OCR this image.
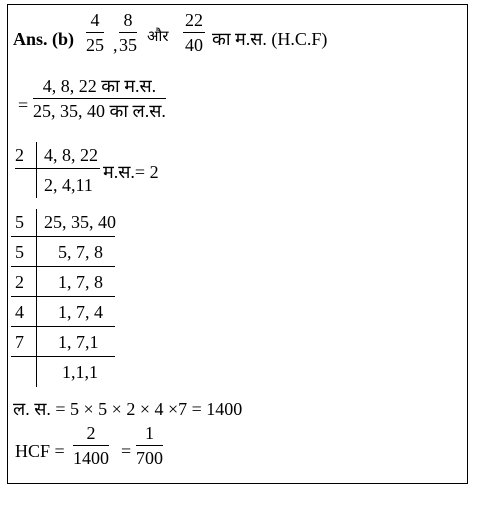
Ans. $(b) \frac{4}{25}$ , $\frac{8}{35}$ और $\frac{22}{40}$ का म.स. (H.C.F)
=
4, 8, 22 का म.स.
25, 35, 40 का ल.स.
2 4, 8, 22
2, 4,11
म.स.= 2
5
5
2
4
7
25, 35, 40
5, 7, 8
1, 7, 8
1, 7, 4
1, 7,1
1,1,1
ल. स. = 5 × 5 × 2 × 4 ×7 = 1400
HCF = $\frac{2}{1400} = \frac{1}{700}$
